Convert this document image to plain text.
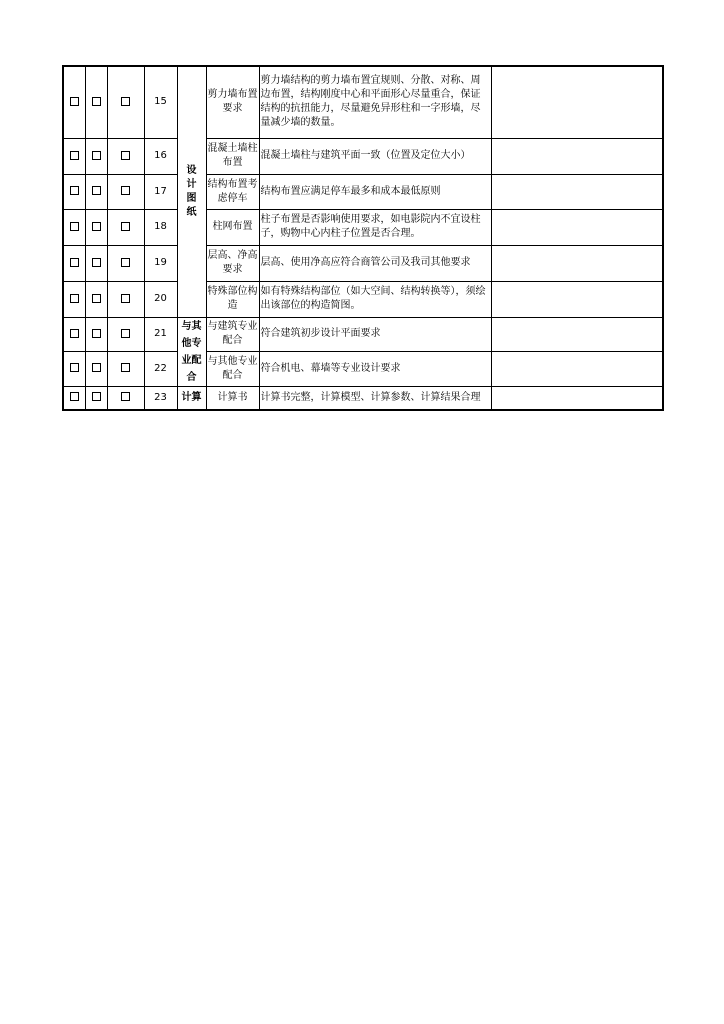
			15	设计图纸	剪力墙布置要求	剪力墙结构的剪力墙布置宜规则、分散、对称、周边布置，结构刚度中心和平面形心尽量重合，保证结构的抗扭能力，尽量避免异形柱和一字形墙，尽量减少墙的数量。	
			16		混凝土墙柱布置	混凝土墙柱与建筑平面一致（位置及定位大小）	
			17		结构布置考虑停车	结构布置应满足停车最多和成本最低原则	
			18		柱网布置	柱子布置是否影响使用要求，如电影院内不宜设柱子，购物中心内柱子位置是否合理。	
			19		层高、净高要求	层高、使用净高应符合商管公司及我司其他要求	
			20		特殊部位构造	如有特殊结构部位（如大空间、结构转换等），须绘出该部位的构造简图。	
			21	与其他专业配合	与建筑专业配合	符合建筑初步设计平面要求	
			22		与其他专业配合	符合机电、幕墙等专业设计要求	
			23	计算	计算书	计算书完整，计算模型、计算参数、计算结果合理	
